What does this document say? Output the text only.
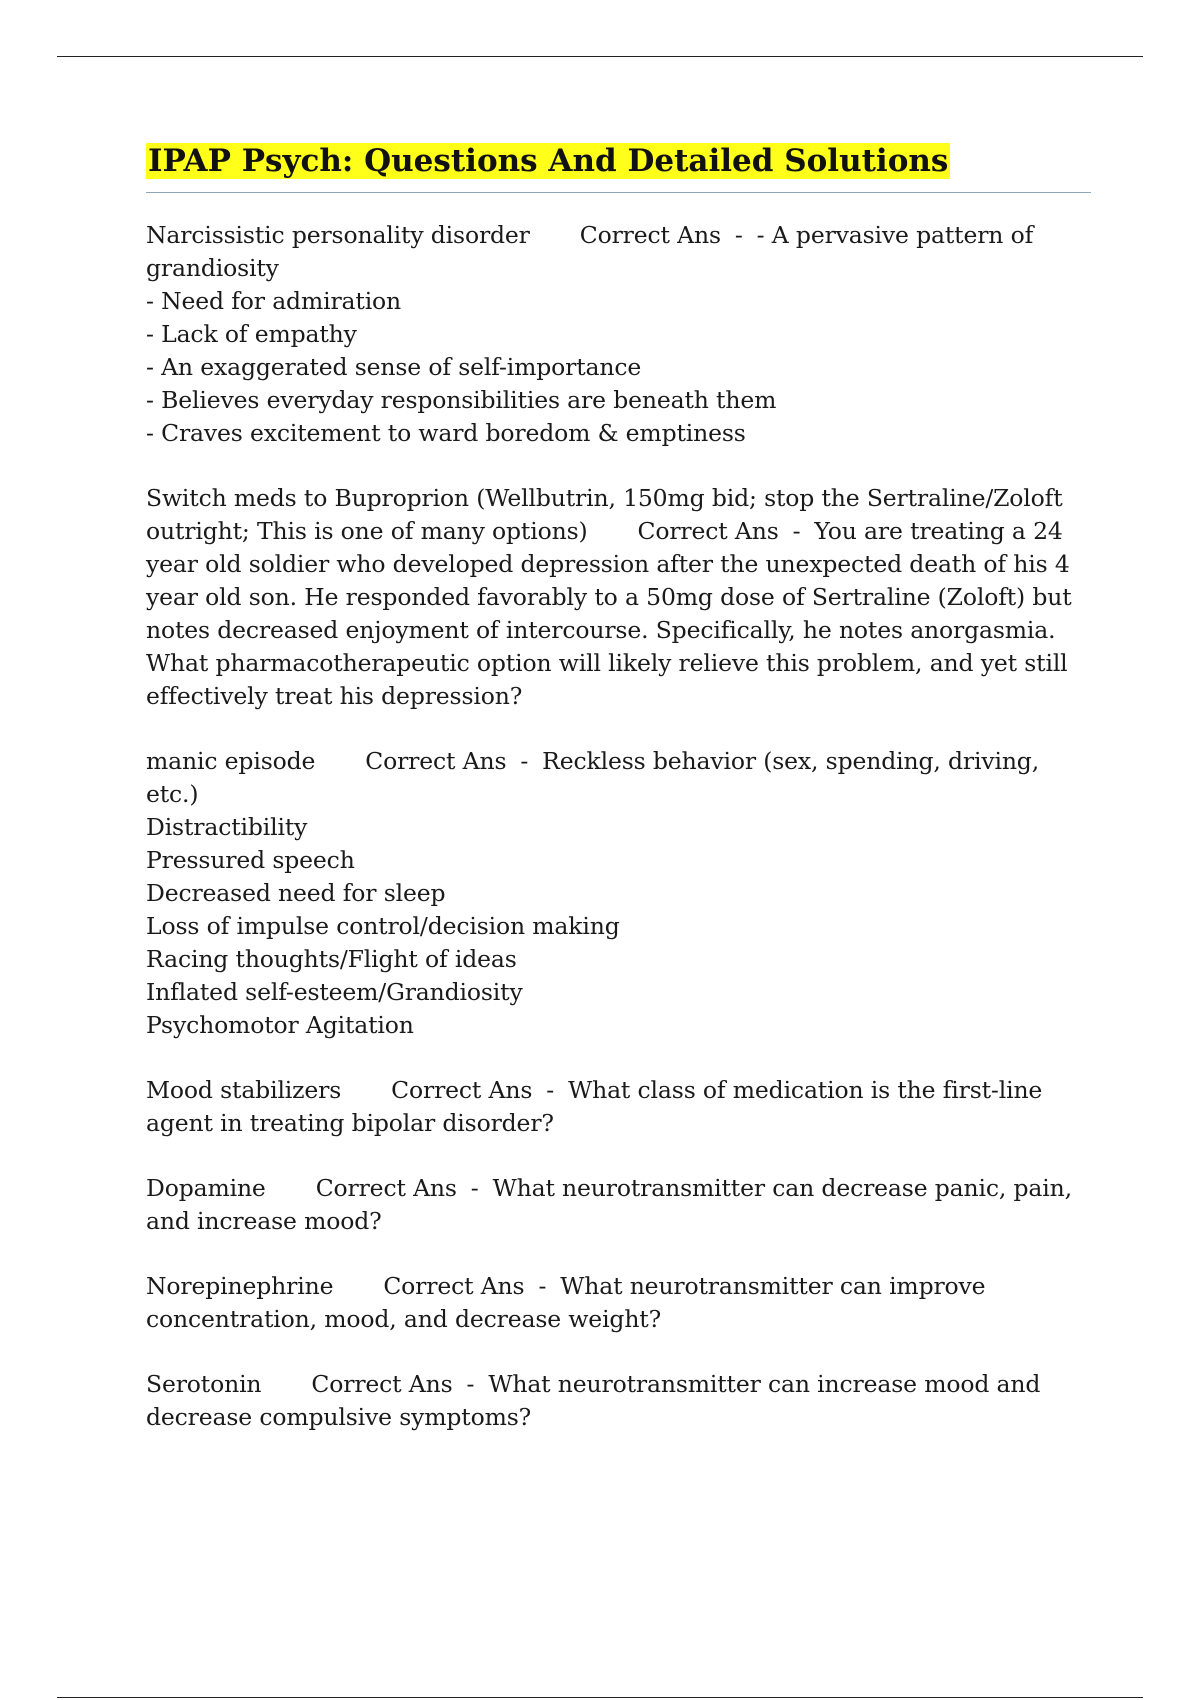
IPAP Psych: Questions And Detailed Solutions
Narcissistic personality disorder Correct Ans - - A pervasive pattern of grandiosity
- Need for admiration
- Lack of empathy
- An exaggerated sense of self-importance
- Believes everyday responsibilities are beneath them
- Craves excitement to ward boredom & emptiness
Switch meds to Buproprion (Wellbutrin, 150mg bid; stop the Sertraline/Zoloft outright; This is one of many options) Correct Ans - You are treating a 24 year old soldier who developed depression after the unexpected death of his 4 year old son. He responded favorably to a 50mg dose of Sertraline (Zoloft) but notes decreased enjoyment of intercourse. Specifically, he notes anorgasmia. What pharmacotherapeutic option will likely relieve this problem, and yet still effectively treat his depression?
manic episode Correct Ans - Reckless behavior (sex, spending, driving, etc.)
Distractibility
Pressured speech
Decreased need for sleep
Loss of impulse control/decision making
Racing thoughts/Flight of ideas
Inflated self-esteem/Grandiosity
Psychomotor Agitation
Mood stabilizers Correct Ans - What class of medication is the first-line agent in treating bipolar disorder?
Dopamine Correct Ans - What neurotransmitter can decrease panic, pain, and increase mood?
Norepinephrine Correct Ans - What neurotransmitter can improve concentration, mood, and decrease weight?
Serotonin Correct Ans - What neurotransmitter can increase mood and decrease compulsive symptoms?
